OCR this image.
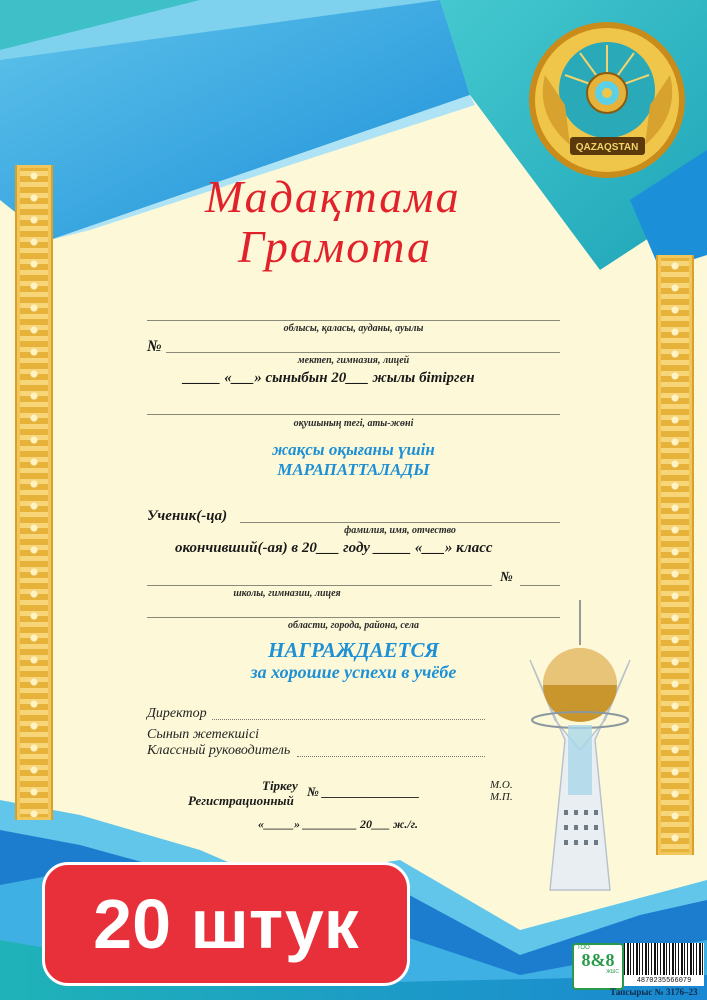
QAZAQSTAN
Мадақтама
Грамота
облысы, қаласы, ауданы, ауылы
№
мектеп, гимназия, лицей
_____ «___» сыныбын 20___ жылы бітірген
оқушының тегі, аты-жөні
жақсы оқығаны үшін
МАРАПАТТАЛАДЫ
Ученик(-ца)
фамилия, имя, отчество
окончивший(-ая) в 20___ году _____ «___» класс
№
школы, гимназии, лицея
области, города, района, села
НАГРАЖДАЕТСЯ
за хорошие успехи в учёбе
Директор
Сынып жетекшісі
Классный руководитель
Тіркеу
Регистрационный
№ _______________	М.О.
М.П.
«_____» _________ 20___ ж./г.
20 штук	ТОО
8&8
ЖШС
4870235566079
Тапсырыс № 3176–23
